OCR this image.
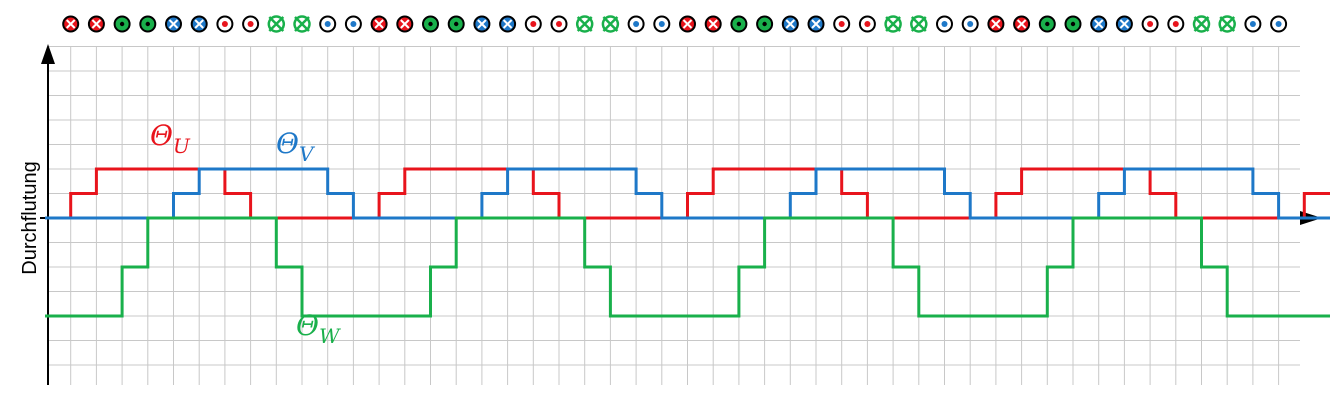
Durchflutung
$\Theta_U$	$\Theta_V$
$\Theta_W$
